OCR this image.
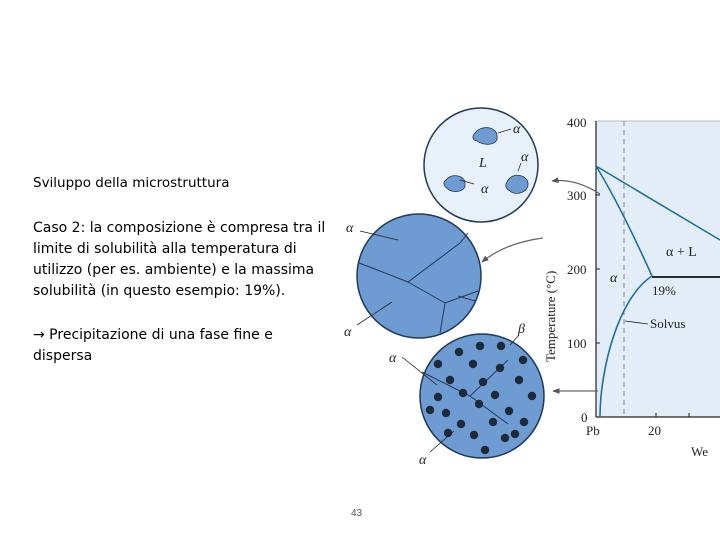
Sviluppo della microstruttura
Caso 2: la composizione è compresa tra il limite di solubilità alla temperatura di utilizzo (per es. ambiente) e la massima solubilità (in questo esempio: 19%).
→ Precipitazione di una fase fine e dispersa
400
300
200
100
0
Pb	20
We
Temperature (°C)	α
α + L
19%
Solvus
α
L
α
α
α
α	β
α
α
43
